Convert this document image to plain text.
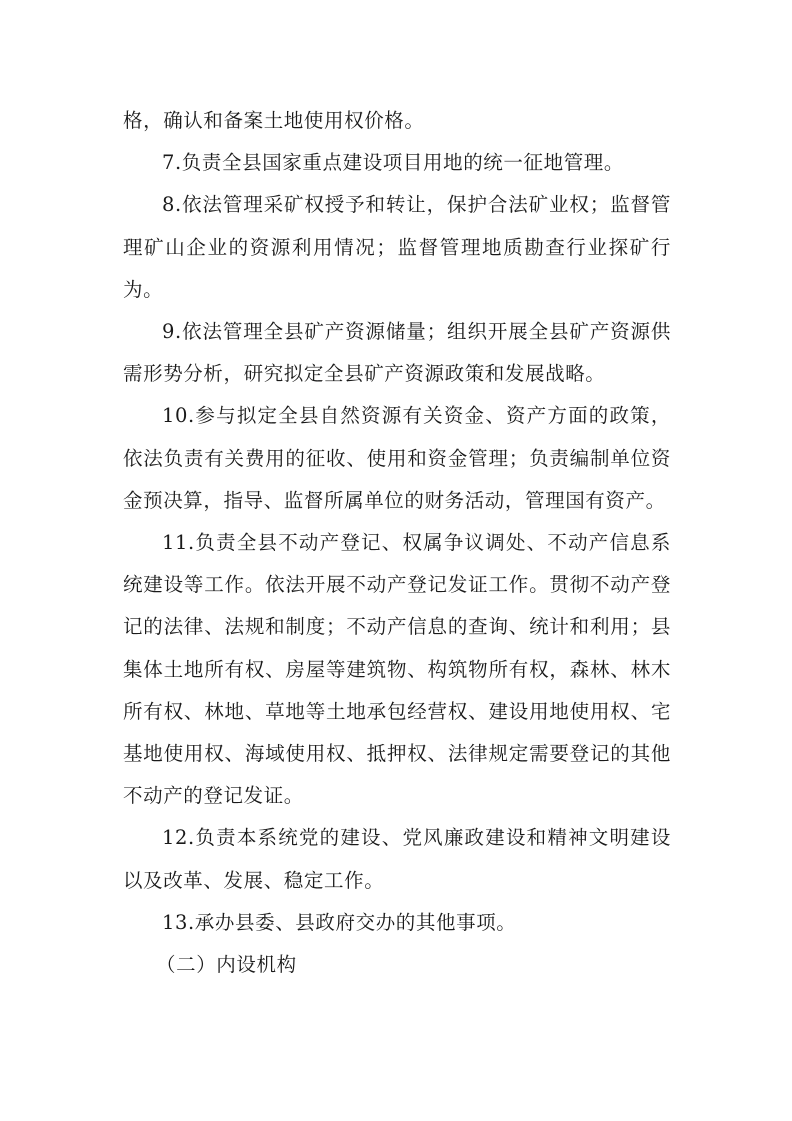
格，确认和备案土地使用权价格。

7.负责全县国家重点建设项目用地的统一征地管理。

8.依法管理采矿权授予和转让，保护合法矿业权；监督管理矿山企业的资源利用情况；监督管理地质勘查行业探矿行为。

9.依法管理全县矿产资源储量；组织开展全县矿产资源供需形势分析，研究拟定全县矿产资源政策和发展战略。

10.参与拟定全县自然资源有关资金、资产方面的政策，依法负责有关费用的征收、使用和资金管理；负责编制单位资金预决算，指导、监督所属单位的财务活动，管理国有资产。

11.负责全县不动产登记、权属争议调处、不动产信息系统建设等工作。依法开展不动产登记发证工作。贯彻不动产登记的法律、法规和制度；不动产信息的查询、统计和利用；县集体土地所有权、房屋等建筑物、构筑物所有权，森林、林木所有权、林地、草地等土地承包经营权、建设用地使用权、宅基地使用权、海域使用权、抵押权、法律规定需要登记的其他不动产的登记发证。

12.负责本系统党的建设、党风廉政建设和精神文明建设以及改革、发展、稳定工作。

13.承办县委、县政府交办的其他事项。

（二）内设机构
